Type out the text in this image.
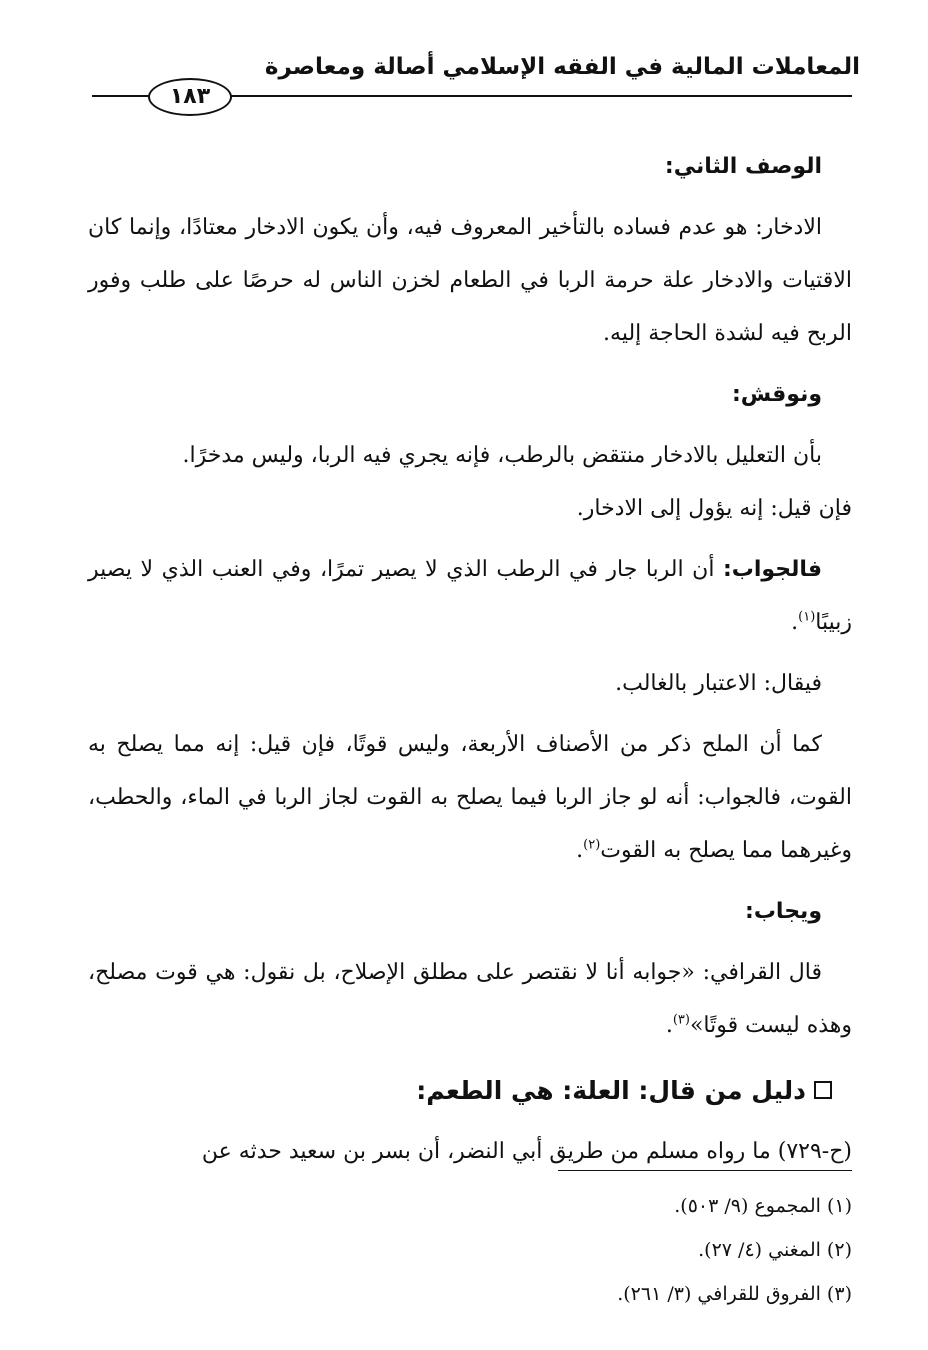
المعاملات المالية في الفقه الإسلامي أصالة ومعاصرة
١٨٣

الوصف الثاني:

الادخار: هو عدم فساده بالتأخير المعروف فيه، وأن يكون الادخار معتادًا، وإنما كان الاقتيات والادخار علة حرمة الربا في الطعام لخزن الناس له حرصًا على طلب وفور الربح فيه لشدة الحاجة إليه.

ونوقش:

بأن التعليل بالادخار منتقض بالرطب، فإنه يجري فيه الربا، وليس مدخرًا.

فإن قيل: إنه يؤول إلى الادخار.

فالجواب: أن الربا جار في الرطب الذي لا يصير تمرًا، وفي العنب الذي لا يصير زبيبًا$^{(١)}$.

فيقال: الاعتبار بالغالب.

كما أن الملح ذكر من الأصناف الأربعة، وليس قوتًا، فإن قيل: إنه مما يصلح به القوت، فالجواب: أنه لو جاز الربا فيما يصلح به القوت لجاز الربا في الماء، والحطب، وغيرهما مما يصلح به القوت$^{(٢)}$.

ويجاب:

قال القرافي: «جوابه أنا لا نقتصر على مطلق الإصلاح، بل نقول: هي قوت مصلح، وهذه ليست قوتًا»$^{(٣)}$.

دليل من قال: العلة: هي الطعم:

(ح-٧٢٩) ما رواه مسلم من طريق أبي النضر، أن بسر بن سعيد حدثه عن

(١) المجموع (٩/ ٥٠٣).

(٢) المغني (٤/ ٢٧).

(٣) الفروق للقرافي (٣/ ٢٦١).
